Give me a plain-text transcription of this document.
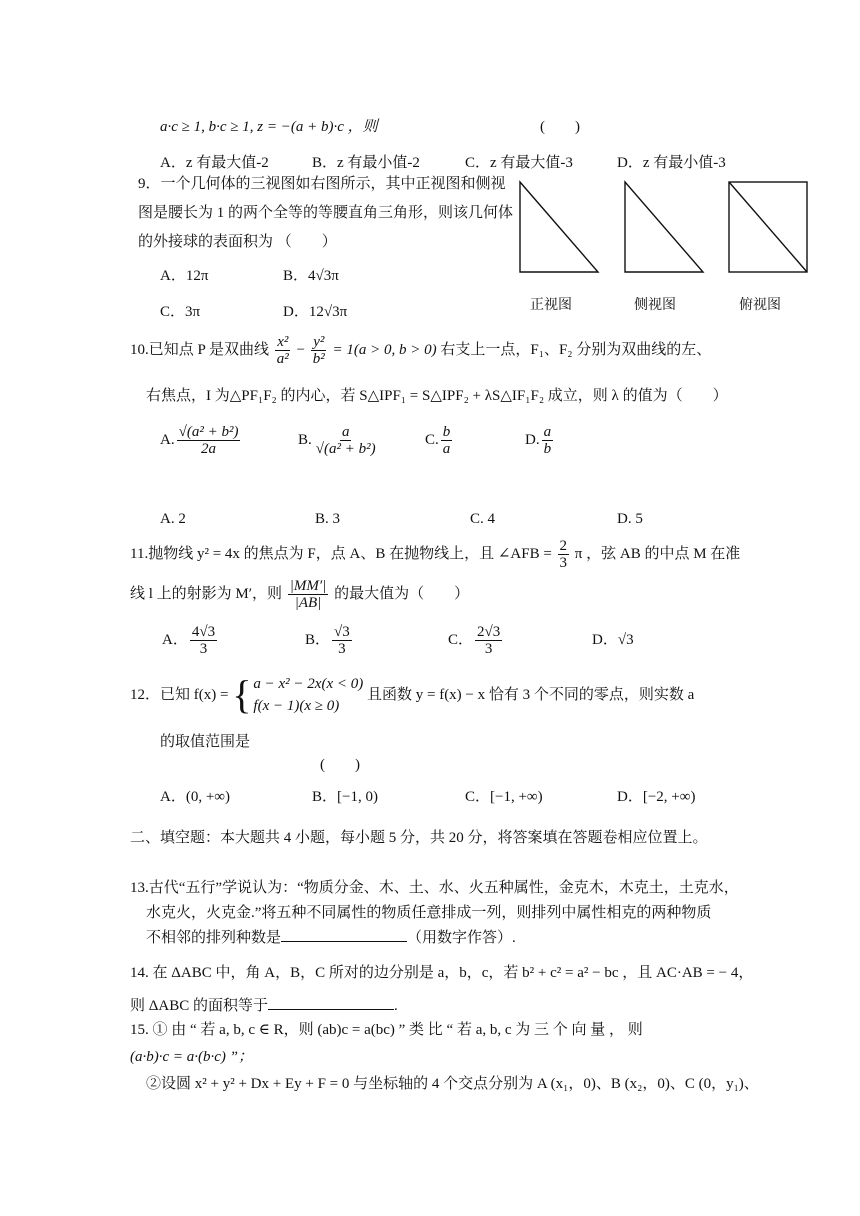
a·c ≥ 1, b·c ≥ 1, z = −(a + b)·c ，则	(　　)
A．z 有最大值-2	B．z 有最小值-2	C．z 有最大值-3	D．z 有最小值-3
9．一个几何体的三视图如右图所示，其中正视图和侧视
图是腰长为 1 的两个全等的等腰直角三角形，则该几何体
的外接球的表面积为 （　　）
A．12π	B．4√3π
C．3π	D．12√3π	正视图	侧视图	俯视图
10.已知点 P 是双曲线 $\frac{\text{x²}}{\text{a²}} - \frac{\text{y²}}{\text{b²}} = 1(a > 0$, b > 0) 右支上一点，F₁、F₂ 分别为双曲线的左、
右焦点，I 为△PF₁F₂ 的内心，若 S△IPF₁ = S△IPF₂ + λS△IF₁F₂ 成立，则 λ 的值为（　　）
A. $\frac{\text{√(a² + b²)}}{2a}$	B. $\frac{a}{\text{√(a² + b²)}}$	C. $\frac{b}{a}$	D. $\frac{a}{b}$
A. 2	B. 3	C. 4	D. 5
11.抛物线 y² = 4x 的焦点为 F，点 A、B 在抛物线上，且 ∠AFB = $\frac{2}{3}$ π ，弦 AB 的中点 M 在准
线 l 上的射影为 M′，则 $\frac{|MM'|}{|AB|}$ 的最大值为（　　）
A． $\frac{4√3}{3}$	B． $\frac{√3}{3}$	C． $\frac{2√3}{3}$	D．√3
12．已知 f(x) = { a − x² − 2x(x < 0)
f(x − 1)(x ≥ 0)
且函数 y = f(x) − x 恰有 3 个不同的零点，则实数 a
的取值范围是
(　　)
A．(0, +∞)	B．[−1, 0)	C．[−1, +∞)	D．[−2, +∞)
二、填空题：本大题共 4 小题，每小题 5 分，共 20 分，将答案填在答题卷相应位置上。
13.古代“五行”学说认为：“物质分金、木、土、水、火五种属性，金克木，木克土，土克水，
水克火，火克金.”将五种不同属性的物质任意排成一列，则排列中属性相克的两种物质
不相邻的排列种数是	（用数字作答）.
14. 在 ΔABC 中，角 A，B，C 所对的边分别是 a，b，c，若 b² + c² = a² − bc ，且 AC·AB = − 4，
则 ΔABC 的面积等于	.
15. ① 由 “ 若 a, b, c ∈ R，则 (ab)c = a(bc) ” 类 比 “ 若 a, b, c 为 三 个 向 量 ， 则
(a·b)·c = a·(b·c) ”；
②设圆 x² + y² + Dx + Ey + F = 0 与坐标轴的 4 个交点分别为 A (x₁，0)、B (x₂，0)、C (0，y₁)、
